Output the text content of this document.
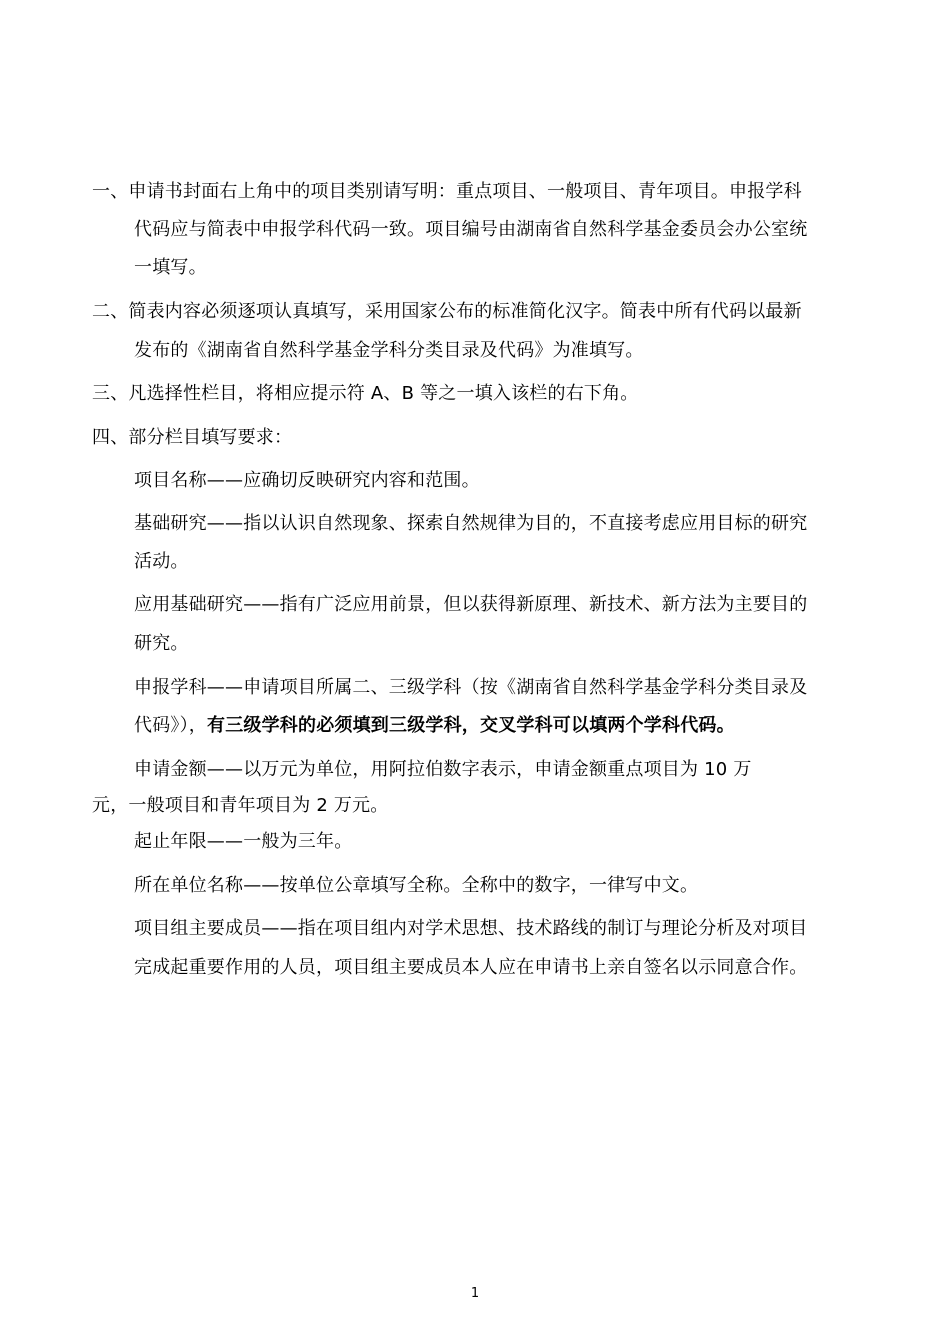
一、申请书封面右上角中的项目类别请写明：重点项目、一般项目、青年项目。申报学科
代码应与简表中申报学科代码一致。项目编号由湖南省自然科学基金委员会办公室统
一填写。
二、简表内容必须逐项认真填写，采用国家公布的标准简化汉字。简表中所有代码以最新
发布的《湖南省自然科学基金学科分类目录及代码》为准填写。
三、凡选择性栏目，将相应提示符 A、B 等之一填入该栏的右下角。
四、部分栏目填写要求：
项目名称——应确切反映研究内容和范围。
基础研究——指以认识自然现象、探索自然规律为目的，不直接考虑应用目标的研究
活动。
应用基础研究——指有广泛应用前景，但以获得新原理、新技术、新方法为主要目的
研究。
申报学科——申请项目所属二、三级学科（按《湖南省自然科学基金学科分类目录及
代码》），有三级学科的必须填到三级学科，交叉学科可以填两个学科代码。
申请金额——以万元为单位，用阿拉伯数字表示，申请金额重点项目为 10 万
元，一般项目和青年项目为 2 万元。
起止年限——一般为三年。
所在单位名称——按单位公章填写全称。全称中的数字，一律写中文。
项目组主要成员——指在项目组内对学术思想、技术路线的制订与理论分析及对项目
完成起重要作用的人员，项目组主要成员本人应在申请书上亲自签名以示同意合作。
1
